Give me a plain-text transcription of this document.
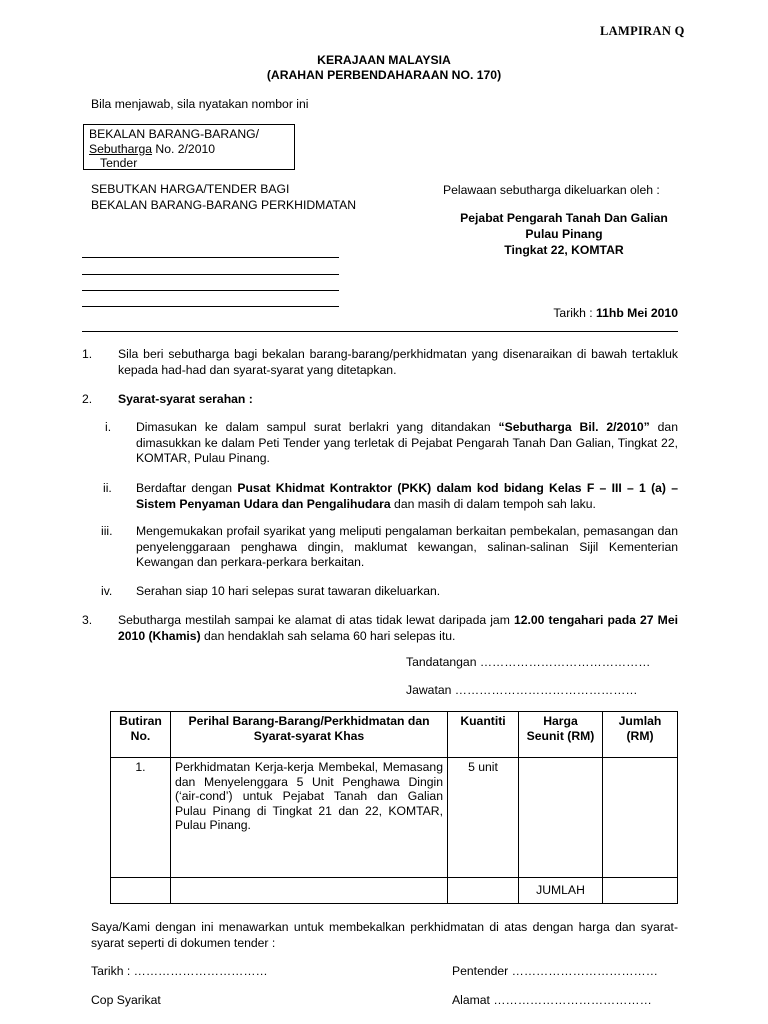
LAMPIRAN Q
KERAJAAN MALAYSIA
(ARAHAN PERBENDAHARAAN NO. 170)
Bila menjawab, sila nyatakan nombor ini
BEKALAN BARANG-BARANG/
Sebutharga No. 2/2010
Tender
SEBUTKAN HARGA/TENDER BAGI
BEKALAN BARANG-BARANG PERKHIDMATAN
Pelawaan sebutharga dikeluarkan oleh :
Pejabat Pengarah Tanah Dan Galian
Pulau Pinang
Tingkat 22, KOMTAR
Tarikh : 11hb Mei 2010
1. Sila beri sebutharga bagi bekalan barang-barang/perkhidmatan yang disenaraikan di bawah tertakluk kepada had-had dan syarat-syarat yang ditetapkan.
2. Syarat-syarat serahan :
i. Dimasukan ke dalam sampul surat berlakri yang ditandakan “Sebutharga Bil. 2/2010” dan dimasukkan ke dalam Peti Tender yang terletak di Pejabat Pengarah Tanah Dan Galian, Tingkat 22, KOMTAR, Pulau Pinang.
ii. Berdaftar dengan Pusat Khidmat Kontraktor (PKK) dalam kod bidang Kelas F – III – 1 (a) – Sistem Penyaman Udara dan Pengalihudara dan masih di dalam tempoh sah laku.
iii. Mengemukakan profail syarikat yang meliputi pengalaman berkaitan pembekalan, pemasangan dan penyelenggaraan penghawa dingin, maklumat kewangan, salinan-salinan Sijil Kementerian Kewangan dan perkara-perkara berkaitan.
iv. Serahan siap 10 hari selepas surat tawaran dikeluarkan.
3. Sebutharga mestilah sampai ke alamat di atas tidak lewat daripada jam 12.00 tengahari pada 27 Mei 2010 (Khamis) dan hendaklah sah selama 60 hari selepas itu.
Tandatangan ……………………………………
Jawatan ………………………………………
Butiran No.	Perihal Barang-Barang/Perkhidmatan dan Syarat-syarat Khas	Kuantiti	Harga Seunit (RM)	Jumlah (RM)
1.	Perkhidmatan Kerja-kerja Membekal, Memasang dan Menyelenggara 5 Unit Penghawa Dingin (‘air-cond’) untuk Pejabat Tanah dan Galian Pulau Pinang di Tingkat 21 dan 22, KOMTAR, Pulau Pinang.	5 unit		
			JUMLAH	
Saya/Kami dengan ini menawarkan untuk membekalkan perkhidmatan di atas dengan harga dan syarat-syarat seperti di dokumen tender :
Tarikh : ……………………………	Pentender ………………………………
Cop Syarikat	Alamat …………………………………
